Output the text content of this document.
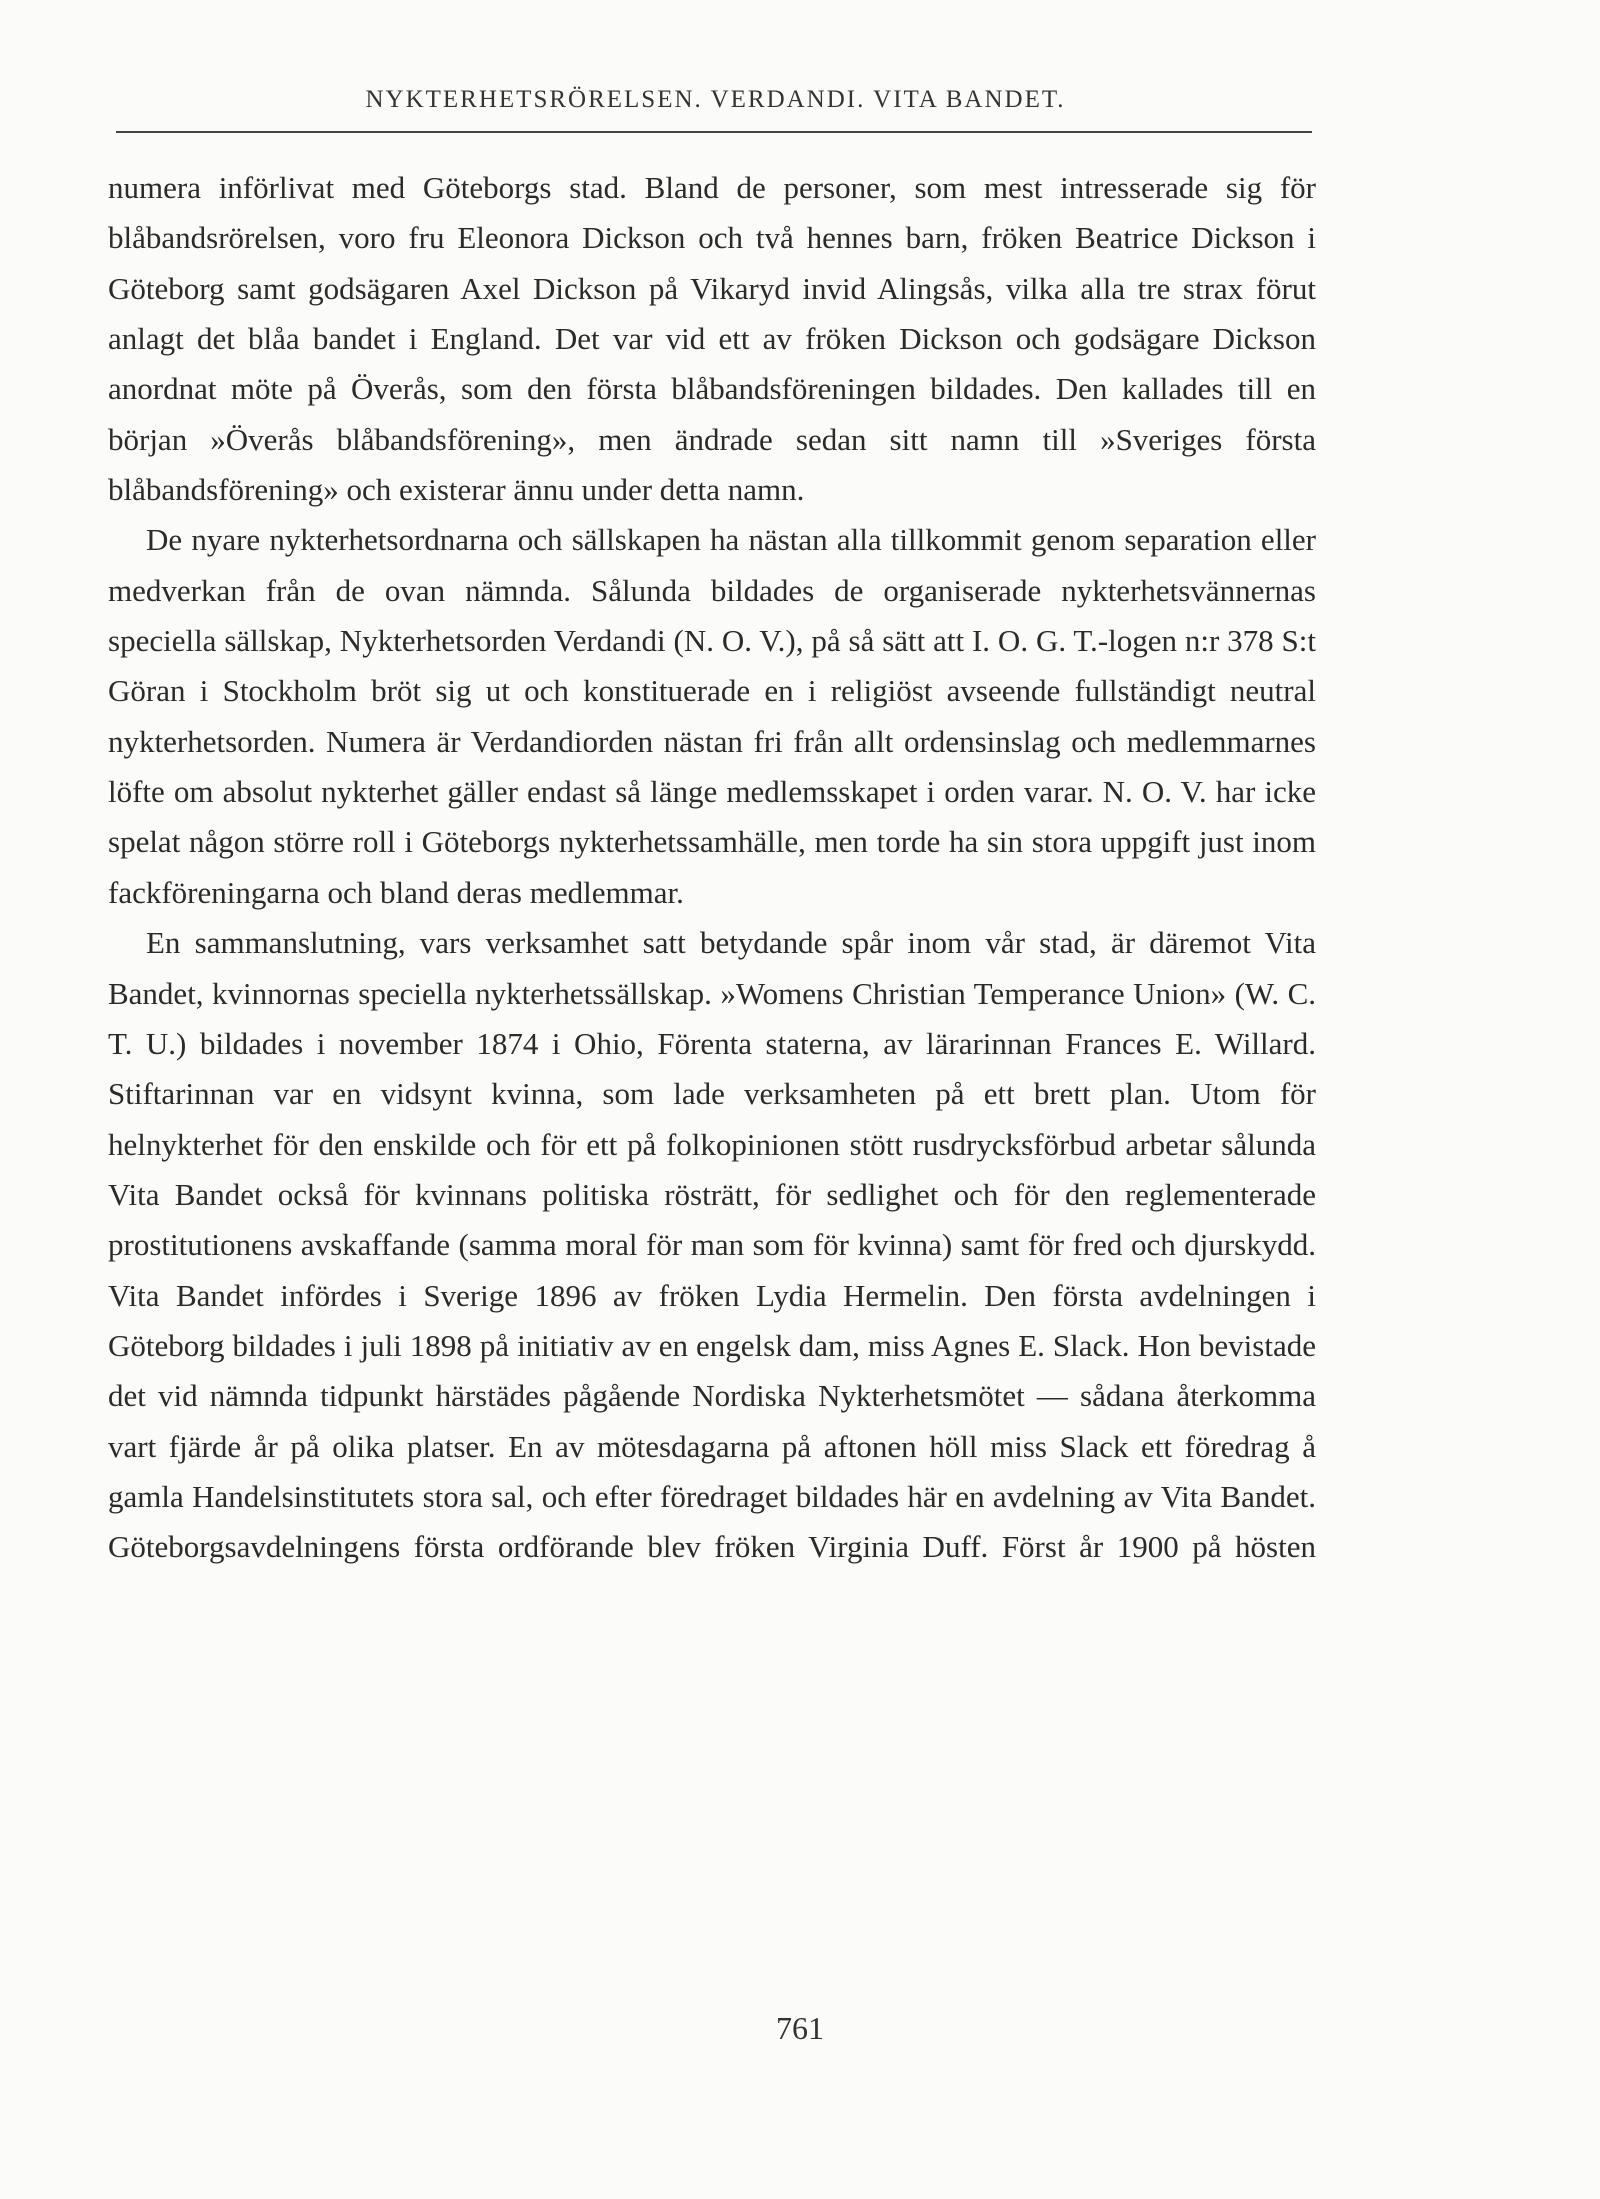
NYKTERHETSRÖRELSEN. VERDANDI. VITA BANDET.

numera införlivat med Göteborgs stad. Bland de personer, som mest intresserade sig för blåbandsrörelsen, voro fru Eleonora Dickson och två hennes barn, fröken Beatrice Dickson i Göteborg samt godsägaren Axel Dickson på Vikaryd invid Alingsås, vilka alla tre strax förut anlagt det blåa bandet i England. Det var vid ett av fröken Dickson och godsägare Dickson anordnat möte på Överås, som den första blåbandsföreningen bildades. Den kallades till en början »Överås blåbandsförening», men ändrade sedan sitt namn till »Sveriges första blåbandsförening» och existerar ännu under detta namn.

De nyare nykterhetsordnarna och sällskapen ha nästan alla tillkommit genom separation eller medverkan från de ovan nämnda. Sålunda bildades de organiserade nykterhetsvännernas speciella sällskap, Nykterhetsorden Verdandi (N. O. V.), på så sätt att I. O. G. T.-logen n:r 378 S:t Göran i Stockholm bröt sig ut och konstituerade en i religiöst avseende fullständigt neutral nykterhetsorden. Numera är Verdandiorden nästan fri från allt ordensinslag och medlemmarnes löfte om absolut nykterhet gäller endast så länge medlemsskapet i orden varar. N. O. V. har icke spelat någon större roll i Göteborgs nykterhetssamhälle, men torde ha sin stora uppgift just inom fackföreningarna och bland deras medlemmar.

En sammanslutning, vars verksamhet satt betydande spår inom vår stad, är däremot Vita Bandet, kvinnornas speciella nykterhetssällskap. »Womens Christian Temperance Union» (W. C. T. U.) bildades i november 1874 i Ohio, Förenta staterna, av lärarinnan Frances E. Willard. Stiftarinnan var en vidsynt kvinna, som lade verksamheten på ett brett plan. Utom för helnykterhet för den enskilde och för ett på folkopinionen stött rusdrycksförbud arbetar sålunda Vita Bandet också för kvinnans politiska rösträtt, för sedlighet och för den reglementerade prostitutionens avskaffande (samma moral för man som för kvinna) samt för fred och djurskydd. Vita Bandet infördes i Sverige 1896 av fröken Lydia Hermelin. Den första avdelningen i Göteborg bildades i juli 1898 på initiativ av en engelsk dam, miss Agnes E. Slack. Hon bevistade det vid nämnda tidpunkt härstädes pågående Nordiska Nykterhetsmötet — sådana återkomma vart fjärde år på olika platser. En av mötesdagarna på aftonen höll miss Slack ett föredrag å gamla Handelsinstitutets stora sal, och efter föredraget bildades här en avdelning av Vita Bandet. Göteborgsavdelningens första ordförande blev fröken Virginia Duff. Först år 1900 på hösten

761
